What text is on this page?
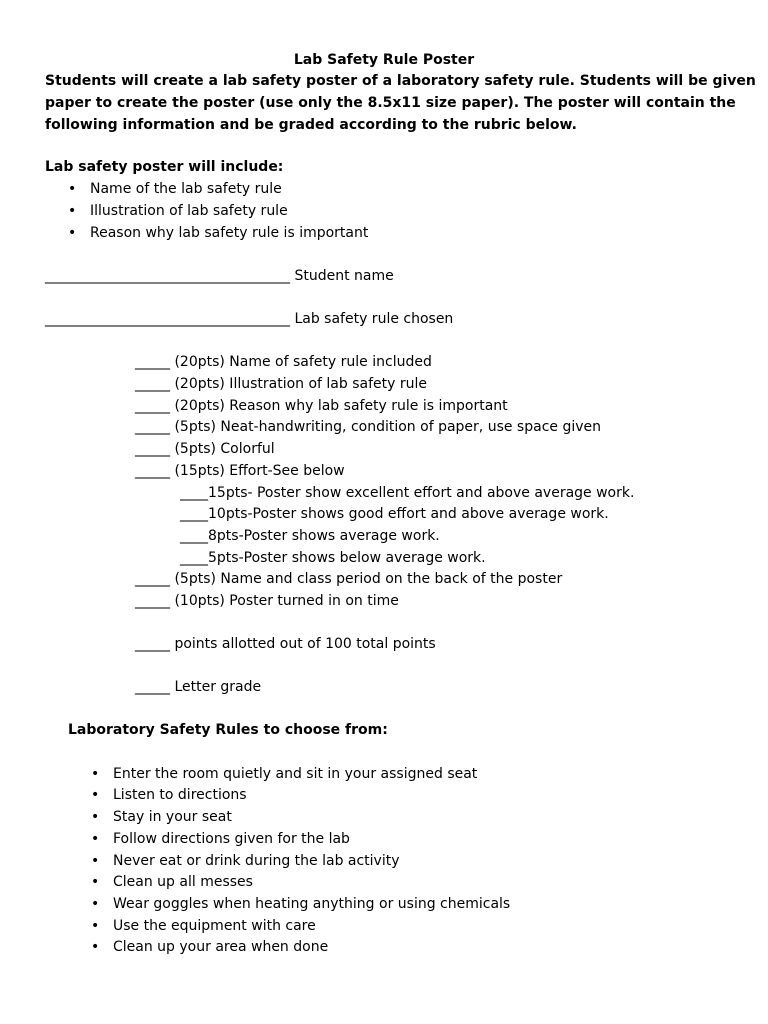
Lab Safety Rule Poster
Students will create a lab safety poster of a laboratory safety rule. Students will be given
paper to create the poster (use only the 8.5x11 size paper). The poster will contain the
following information and be graded according to the rubric below.
Lab safety poster will include:
• Name of the lab safety rule
• Illustration of lab safety rule
• Reason why lab safety rule is important
___________________________________ Student name
___________________________________ Lab safety rule chosen
_____ (20pts) Name of safety rule included
_____ (20pts) Illustration of lab safety rule
_____ (20pts) Reason why lab safety rule is important
_____ (5pts) Neat-handwriting, condition of paper, use space given
_____ (5pts) Colorful
_____ (15pts) Effort-See below
____15pts- Poster show excellent effort and above average work.
____10pts-Poster shows good effort and above average work.
____8pts-Poster shows average work.
____5pts-Poster shows below average work.
_____ (5pts) Name and class period on the back of the poster
_____ (10pts) Poster turned in on time
_____ points allotted out of 100 total points
_____ Letter grade
Laboratory Safety Rules to choose from:
• Enter the room quietly and sit in your assigned seat
• Listen to directions
• Stay in your seat
• Follow directions given for the lab
• Never eat or drink during the lab activity
• Clean up all messes
• Wear goggles when heating anything or using chemicals
• Use the equipment with care
• Clean up your area when done
